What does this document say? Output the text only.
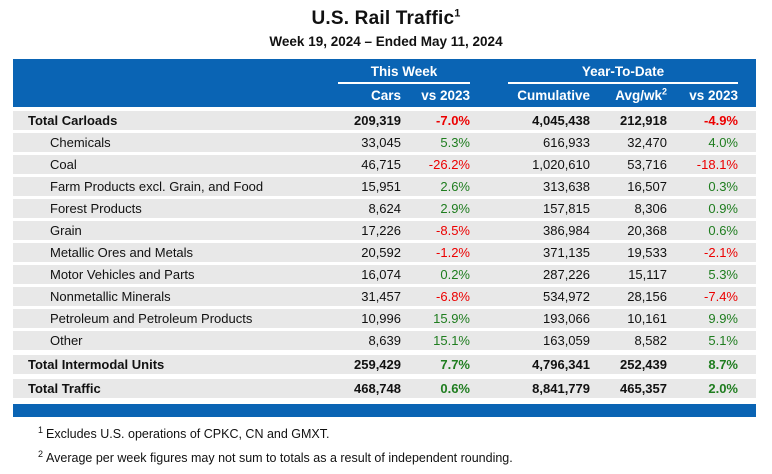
U.S. Rail Traffic$^1$
Week 19, 2024 – Ended May 11, 2024
This Week	Year-To-Date
Cars	vs 2023	Cumulative	Avg/$wk^2$	vs 2023
Total Carloads	209,319	-7.0%	4,045,438	212,918	-4.9%
Chemicals	33,045	5.3%	616,933	32,470	4.0%
Coal	46,715	-26.2%	1,020,610	53,716	-18.1%
Farm Products excl. Grain, and Food	15,951	2.6%	313,638	16,507	0.3%
Forest Products	8,624	2.9%	157,815	8,306	0.9%
Grain	17,226	-8.5%	386,984	20,368	0.6%
Metallic Ores and Metals	20,592	-1.2%	371,135	19,533	-2.1%
Motor Vehicles and Parts	16,074	0.2%	287,226	15,117	5.3%
Nonmetallic Minerals	31,457	-6.8%	534,972	28,156	-7.4%
Petroleum and Petroleum Products	10,996	15.9%	193,066	10,161	9.9%
Other	8,639	15.1%	163,059	8,582	5.1%
Total Intermodal Units	259,429	7.7%	4,796,341	252,439	8.7%
Total Traffic	468,748	0.6%	8,841,779	465,357	2.0%
$^1$ Excludes U.S. operations of CPKC, CN and GMXT.
$^2$ Average per week figures may not sum to totals as a result of independent rounding.
